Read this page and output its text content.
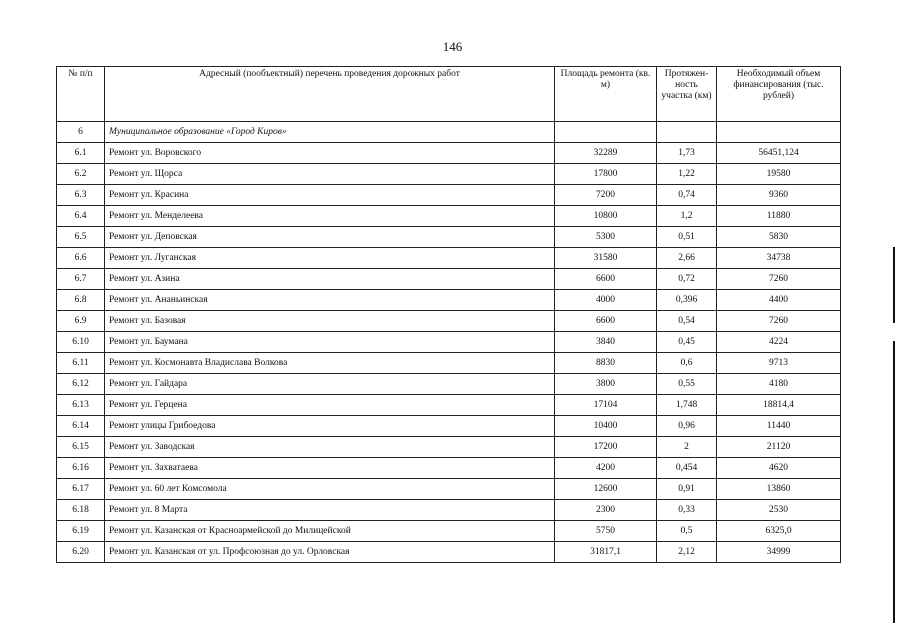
146
№ п/п	Адресный (пообъектный) перечень проведения дорожных работ	Площадь ремонта (кв. м)	Протяжен-ность участка (км)	Необходимый объем финансирования (тыс. рублей)
6	Муниципальное образование «Город Киров»			
6.1	Ремонт ул. Воровского	32289	1,73	56451,124
6.2	Ремонт ул. Щорса	17800	1,22	19580
6.3	Ремонт ул. Красина	7200	0,74	9360
6.4	Ремонт ул. Менделеева	10800	1,2	11880
6.5	Ремонт ул. Деповская	5300	0,51	5830
6.6	Ремонт ул. Луганская	31580	2,66	34738
6.7	Ремонт ул. Азина	6600	0,72	7260
6.8	Ремонт ул. Ананьинская	4000	0,396	4400
6.9	Ремонт ул. Базовая	6600	0,54	7260
6.10	Ремонт ул. Баумана	3840	0,45	4224
6.11	Ремонт ул. Космонавта Владислава Волкова	8830	0,6	9713
6.12	Ремонт ул. Гайдара	3800	0,55	4180
6.13	Ремонт ул. Герцена	17104	1,748	18814,4
6.14	Ремонт улицы Грибоедова	10400	0,96	11440
6.15	Ремонт ул. Заводская	17200	2	21120
6.16	Ремонт ул. Захватаева	4200	0,454	4620
6.17	Ремонт ул. 60 лет Комсомола	12600	0,91	13860
6.18	Ремонт ул. 8 Марта	2300	0,33	2530
6.19	Ремонт ул. Казанская от Красноармейской до Милицейской	5750	0,5	6325,0
6.20	Ремонт ул. Казанская от ул. Профсоюзная до ул. Орловская	31817,1	2,12	34999
